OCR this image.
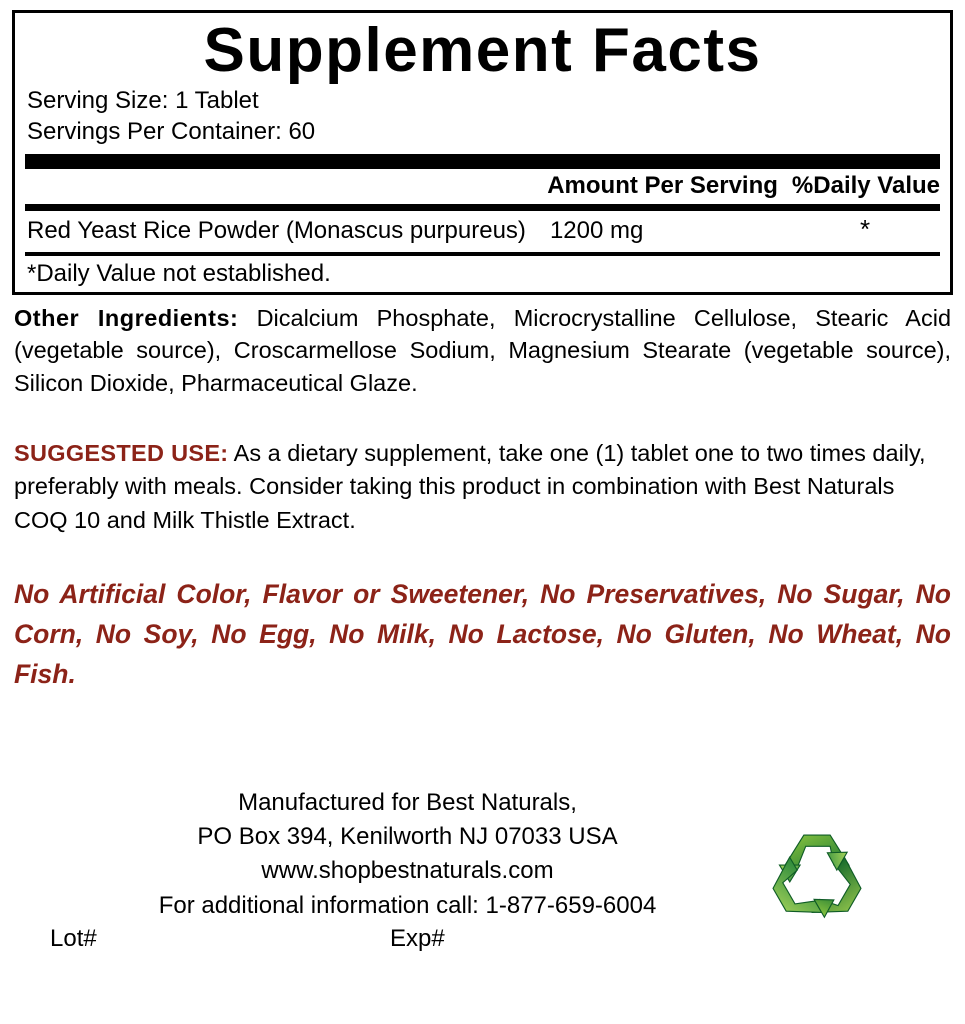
Supplement Facts
Serving Size: 1 Tablet
Servings Per Container: 60
Amount Per Serving %Daily Value
Red Yeast Rice Powder (Monascus purpureus) 1200 mg	*
*Daily Value not established.
Other Ingredients: Dicalcium Phosphate, Microcrystalline Cellulose, Stearic Acid (vegetable source), Croscarmellose Sodium, Magnesium Stearate (vegetable source), Silicon Dioxide, Pharmaceutical Glaze.
SUGGESTED USE: As a dietary supplement, take one (1) tablet one to two times daily, preferably with meals. Consider taking this product in combination with Best Naturals COQ 10 and Milk Thistle Extract.
No Artificial Color, Flavor or Sweetener, No Preservatives, No Sugar, No Corn, No Soy, No Egg, No Milk, No Lactose, No Gluten, No Wheat, No Fish.
Manufactured for Best Naturals,
PO Box 394, Kenilworth NJ 07033 USA
www.shopbestnaturals.com
For additional information call: 1-877-659-6004
Lot#	Exp#
